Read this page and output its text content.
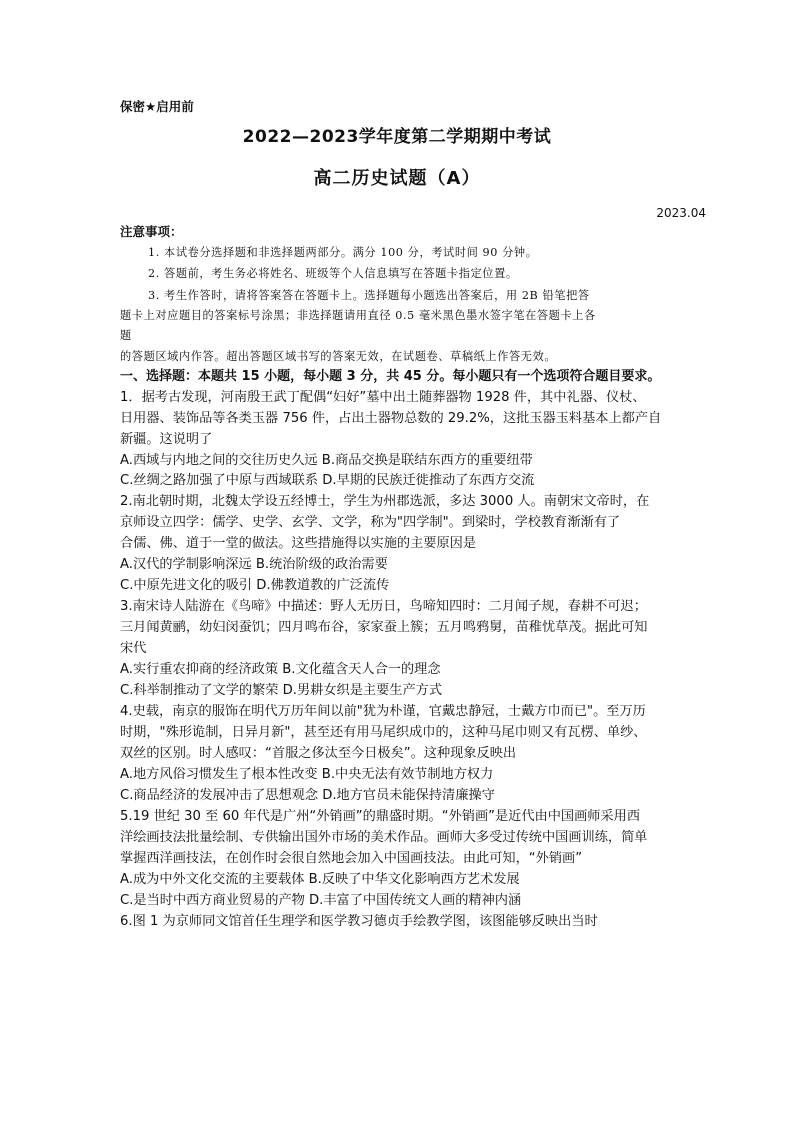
保密★启用前
2022—2023学年度第二学期期中考试
高二历史试题（A）
2023.04
注意事项：
1. 本试卷分选择题和非选择题两部分。满分 100 分，考试时间 90 分钟。
2. 答题前，考生务必将姓名、班级等个人信息填写在答题卡指定位置。
3. 考生作答时，请将答案答在答题卡上。选择题每小题选出答案后，用 2B 铅笔把答
题卡上对应题目的答案标号涂黑；非选择题请用直径 0.5 毫米黑色墨水签字笔在答题卡上各
题
的答题区域内作答。超出答题区域书写的答案无效，在试题卷、草稿纸上作答无效。
一、选择题：本题共 15 小题，每小题 3 分，共 45 分。每小题只有一个选项符合题目要求。
1．据考古发现，河南殷王武丁配偶“妇好”墓中出土随葬器物 1928 件，其中礼器、仪杖、
日用器、装饰品等各类玉器 756 件，占出土器物总数的 29.2%，这批玉器玉料基本上都产自
新疆。这说明了
A.西域与内地之间的交往历史久远 B.商品交换是联结东西方的重要纽带
C.丝绸之路加强了中原与西域联系 D.早期的民族迁徙推动了东西方交流
2.南北朝时期，北魏太学设五经博士，学生为州郡选派，多达 3000 人。南朝宋文帝时，在
京师设立四学：儒学、史学、玄学、文学，称为"四学制"。到梁时，学校教育渐渐有了
合儒、佛、道于一堂的做法。这些措施得以实施的主要原因是
A.汉代的学制影响深远 B.统治阶级的政治需要
C.中原先进文化的吸引 D.佛教道教的广泛流传
3.南宋诗人陆游在《鸟啼》中描述：野人无历日，鸟啼知四时：二月闻子规，春耕不可迟；
三月闻黄鹂，幼妇闵蚕饥；四月鸣布谷，家家蚕上簇；五月鸣鸦舅，苗稚忧草茂。据此可知
宋代
A.实行重农抑商的经济政策 B.文化蕴含天人合一的理念
C.科举制推动了文学的繁荣 D.男耕女织是主要生产方式
4.史载，南京的服饰在明代万历年间以前"犹为朴谨，官戴忠静冠，士戴方巾而已"。至万历
时期，"殊形诡制，日异月新"，甚至还有用马尾织成巾的，这种马尾巾则又有瓦楞、单纱、
双丝的区别。时人感叹：“首服之侈汰至今日极矣”。这种现象反映出
A.地方风俗习惯发生了根本性改变 B.中央无法有效节制地方权力
C.商品经济的发展冲击了思想观念 D.地方官员未能保持清廉操守
5.19 世纪 30 至 60 年代是广州“外销画”的鼎盛时期。“外销画”是近代由中国画师采用西
洋绘画技法批量绘制、专供输出国外市场的美术作品。画师大多受过传统中国画训练，简单
掌握西洋画技法，在创作时会很自然地会加入中国画技法。由此可知，“外销画”
A.成为中外文化交流的主要载体 B.反映了中华文化影响西方艺术发展
C.是当时中西方商业贸易的产物 D.丰富了中国传统文人画的精神内涵
6.图 1 为京师同文馆首任生理学和医学教习德贞手绘教学图，该图能够反映出当时
